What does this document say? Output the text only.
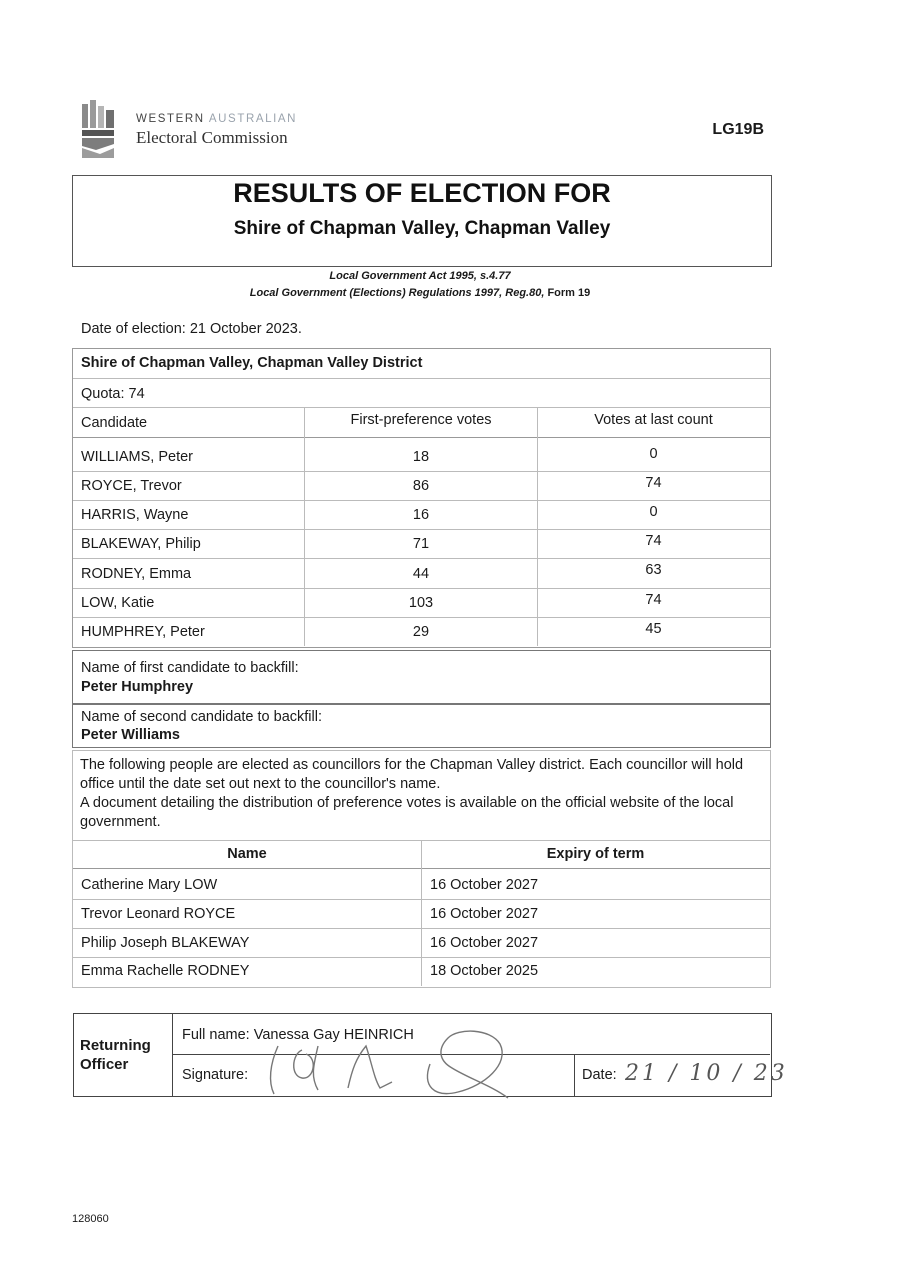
WESTERN AUSTRALIAN
Electoral Commission	LG19B
RESULTS OF ELECTION FOR
Shire of Chapman Valley, Chapman Valley
Local Government Act 1995, s.4.77
Local Government (Elections) Regulations 1997, Reg.80, Form 19
Date of election: 21 October 2023.
Shire of Chapman Valley, Chapman Valley District
Quota: 74
Candidate	First-preference votes	Votes at last count
WILLIAMS, Peter	18	0
ROYCE, Trevor	86	74
HARRIS, Wayne	16	0
BLAKEWAY, Philip	71	74
RODNEY, Emma	44	63
LOW, Katie	103	74
HUMPHREY, Peter	29	45
Name of first candidate to backfill:
Peter Humphrey
Name of second candidate to backfill:
Peter Williams
The following people are elected as councillors for the Chapman Valley district. Each councillor will hold office until the date set out next to the councillor's name.
A document detailing the distribution of preference votes is available on the official website of the local government.
Name	Expiry of term
Catherine Mary LOW	16 October 2027
Trevor Leonard ROYCE	16 October 2027
Philip Joseph BLAKEWAY	16 October 2027
Emma Rachelle RODNEY	18 October 2025
Returning Officer
Full name: Vanessa Gay HEINRICH
Signature:	Date: 21 / 10 / 23
128060
